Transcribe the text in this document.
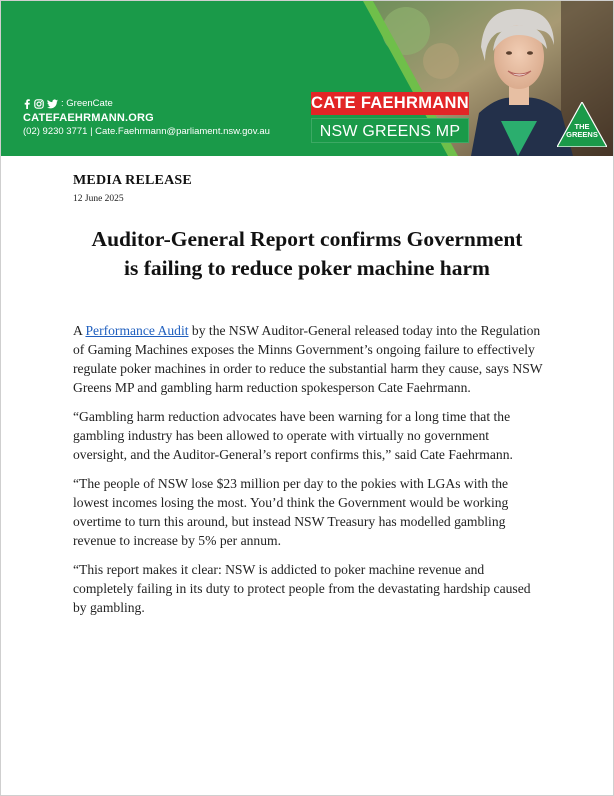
: GreenCate
CATEFAEHRMANN.ORG
(02) 9230 3771 | Cate.Faehrmann@parliament.nsw.gov.au
CATE FAEHRMANN
NSW GREENS MP	THE
GREENS
MEDIA RELEASE
12 June 2025
Auditor-General Report confirms Government
is failing to reduce poker machine harm

A Performance Audit by the NSW Auditor-General released today into the Regulation of Gaming Machines exposes the Minns Government’s ongoing failure to effectively regulate poker machines in order to reduce the substantial harm they cause, says NSW Greens MP and gambling harm reduction spokesperson Cate Faehrmann.

“Gambling harm reduction advocates have been warning for a long time that the gambling industry has been allowed to operate with virtually no government oversight, and the Auditor-General’s report confirms this,” said Cate Faehrmann.

“The people of NSW lose $23 million per day to the pokies with LGAs with the lowest incomes losing the most. You’d think the Government would be working overtime to turn this around, but instead NSW Treasury has modelled gambling revenue to increase by 5% per annum.

“This report makes it clear: NSW is addicted to poker machine revenue and completely failing in its duty to protect people from the devastating hardship caused by gambling.
